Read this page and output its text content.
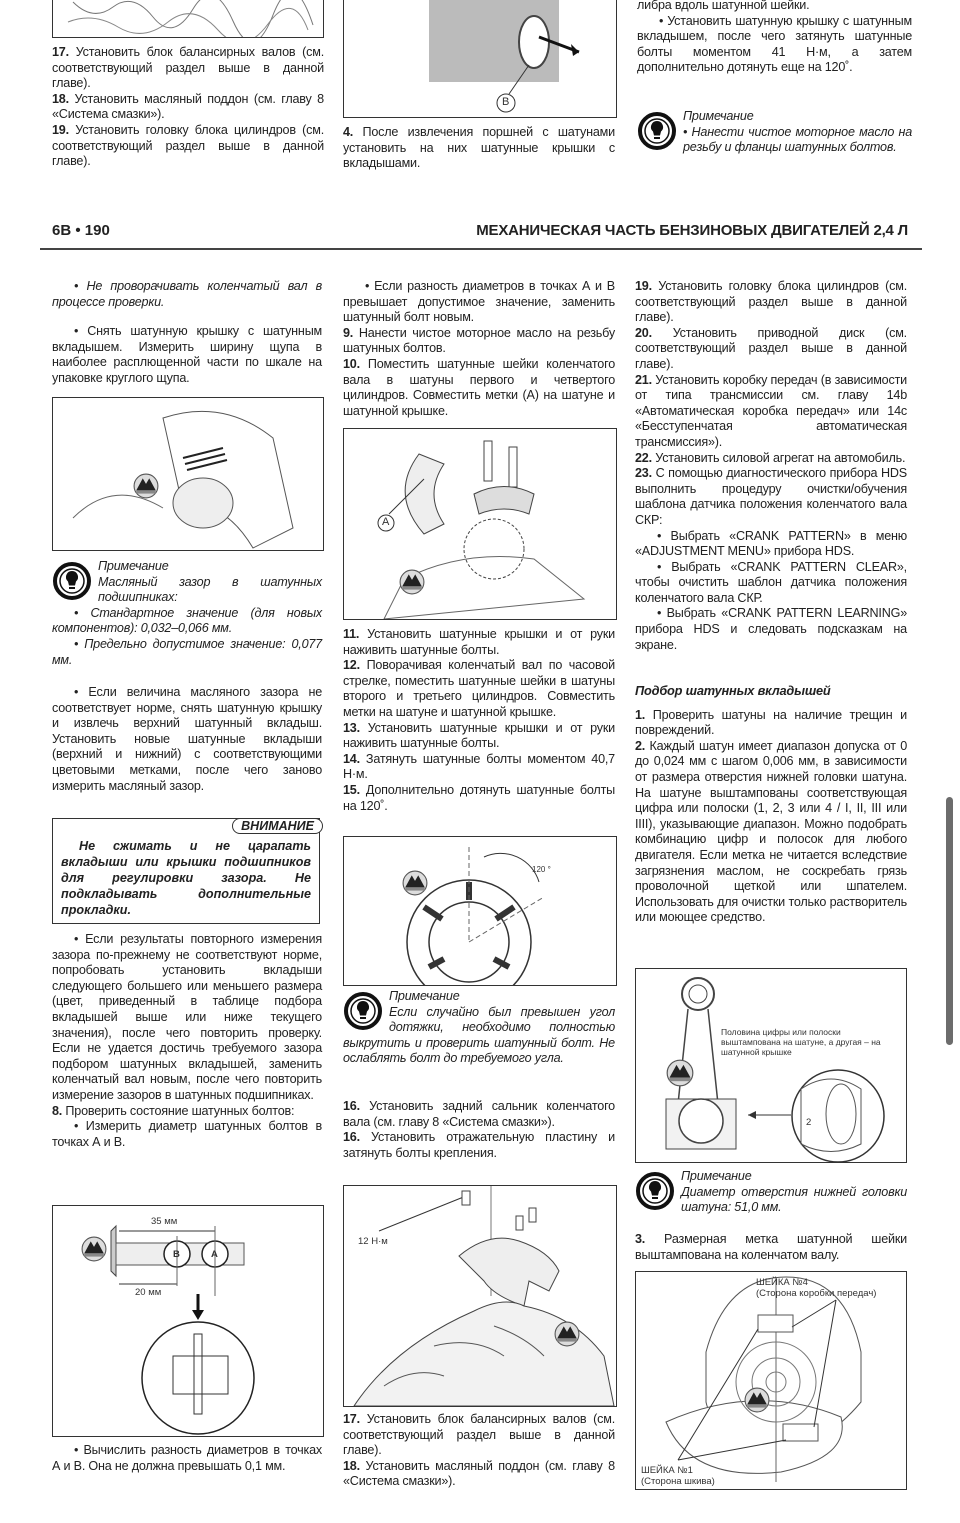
17. Установить блок балансирных валов (см. соответствующий раздел выше в данной главе).

18. Установить масляный поддон (см. главу 8 «Система смазки»).

19. Установить головку блока цилиндров (см. соответствующий раздел выше в данной главе).

B

4. После извлечения поршней с шатунами установить на них шатунные крышки с вкладышами.

либра вдоль шатунной шейки.

• Установить шатунную крышку с шатунным вкладышем, после чего затянуть шатунные болты моментом 41 Н·м, а затем дополнительно дотянуть еще на 120˚.

Примечание

• Нанести чистое моторное масло на резьбу и фланцы шатунных болтов.

6В • 190	МЕХАНИЧЕСКАЯ ЧАСТЬ БЕНЗИНОВЫХ ДВИГАТЕЛЕЙ 2,4 Л

• Не проворачивать коленчатый вал в процессе проверки.

• Снять шатунную крышку с шатунным вкладышем. Измерить ширину щупа в наиболее расплющенной части по шкале на упаковке круглого щупа.

Примечание

Масляный зазор в шатунных подшипниках:

• Стандартное значение (для новых компонентов): 0,032–0,066 мм.

• Предельно допустимое значение: 0,077 мм.

• Если величина масляного зазора не соответствует норме, снять шатунную крышку и извлечь верхний шатунный вкладыш. Установить новые шатунные вкладыши (верхний и нижний) с соответствующими цветовыми метками, после чего заново измерить масляный зазор.

ВНИМАНИЕ
Не сжимать и не царапать вкладыши или крышки подшипников для регулировки зазора. Не подкладывать дополнительные прокладки.

• Если результаты повторного измерения зазора по-прежнему не соответствуют норме, попробовать установить вкладыши следующего большего или меньшего размера (цвет, приведенный в таблице подбора вкладышей выше или ниже текущего значения), после чего повторить проверку. Если не удается достичь требуемого зазора подбором шатунных вкладышей, заменить коленчатый вал новым, после чего повторить измерение зазоров в шатунных подшипниках.

8. Проверить состояние шатунных болтов:

• Измерить диаметр шатунных болтов в точках А и В.

35 мм
20 мм
B	A

• Вычислить разность диаметров в точках А и В. Она не должна превышать 0,1 мм.

• Если разность диаметров в точках А и В превышает допустимое значение, заменить шатунный болт новым.

9. Нанести чистое моторное масло на резьбу шатунных болтов.

10. Поместить шатунные шейки коленчатого вала в шатуны первого и четвертого цилиндров. Совместить метки (А) на шатуне и шатунной крышке.

A

11. Установить шатунные крышки и от руки наживить шатунные болты.

12. Поворачивая коленчатый вал по часовой стрелке, поместить шатунные шейки в шатуны второго и третьего цилиндров. Совместить метки на шатуне и шатунной крышке.

13. Установить шатунные крышки и от руки наживить шатунные болты.

14. Затянуть шатунные болты моментом 40,7 Н·м.

15. Дополнительно дотянуть шатунные болты на 120˚.

120 °
Примечание

Если случайно был превышен угол дотяжки, необходимо полностью выкрутить и проверить шатунный болт. Не ослаблять болт до требуемого угла.

16. Установить задний сальник коленчатого вала (см. главу 8 «Система смазки»).

16. Установить отражательную пластину и затянуть болты крепления.

12 Н·м

17. Установить блок балансирных валов (см. соответствующий раздел выше в данной главе).

18. Установить масляный поддон (см. главу 8 «Система смазки»).

19. Установить головку блока цилиндров (см. соответствующий раздел выше в данной главе).

20. Установить приводной диск (см. соответствующий раздел выше в данной главе).

21. Установить коробку передач (в зависимости от типа трансмиссии см. главу 14b «Автоматическая коробка передач» или 14с «Бесступенчатая автоматическая трансмиссия»).

22. Установить силовой агрегат на автомобиль.

23. С помощью диагностического прибора HDS выполнить процедуру очистки/обучения шаблона датчика положения коленчатого вала СКР:

• Выбрать «CRANK PATTERN» в меню «ADJUSTMENT MENU» прибора HDS.

• Выбрать «CRANK PATTERN CLEAR», чтобы очистить шаблон датчика положения коленчатого вала СКР.

• Выбрать «CRANK PATTERN LEARNING» прибора HDS и следовать подсказкам на экране.

Подбор шатунных вкладышей

1. Проверить шатуны на наличие трещин и повреждений.

2. Каждый шатун имеет диапазон допуска от 0 до 0,024 мм с шагом 0,006 мм, в зависимости от размера отверстия нижней головки шатуна. На шатуне выштампованы соответствующая цифра или полоски (1, 2, 3 или 4 / I, II, III или IIII), указывающие диапазон. Можно подобрать комбинацию цифр и полосок для любого двигателя. Если метка не читается вследствие загрязнения маслом, не соскребать грязь проволочной щеткой или шпателем. Использовать для очистки только растворитель или моющее средство.

Половина цифры или полоски выштампована на шатуне, а другая – на шатунной крышке
2
Примечание

Диаметр отверстия нижней головки шатуна: 51,0 мм.

3. Размерная метка шатунной шейки выштампована на коленчатом валу.

ШЕЙКА №4
(Сторона коробки передач)
ШЕЙКА №1
(Сторона шкива)
